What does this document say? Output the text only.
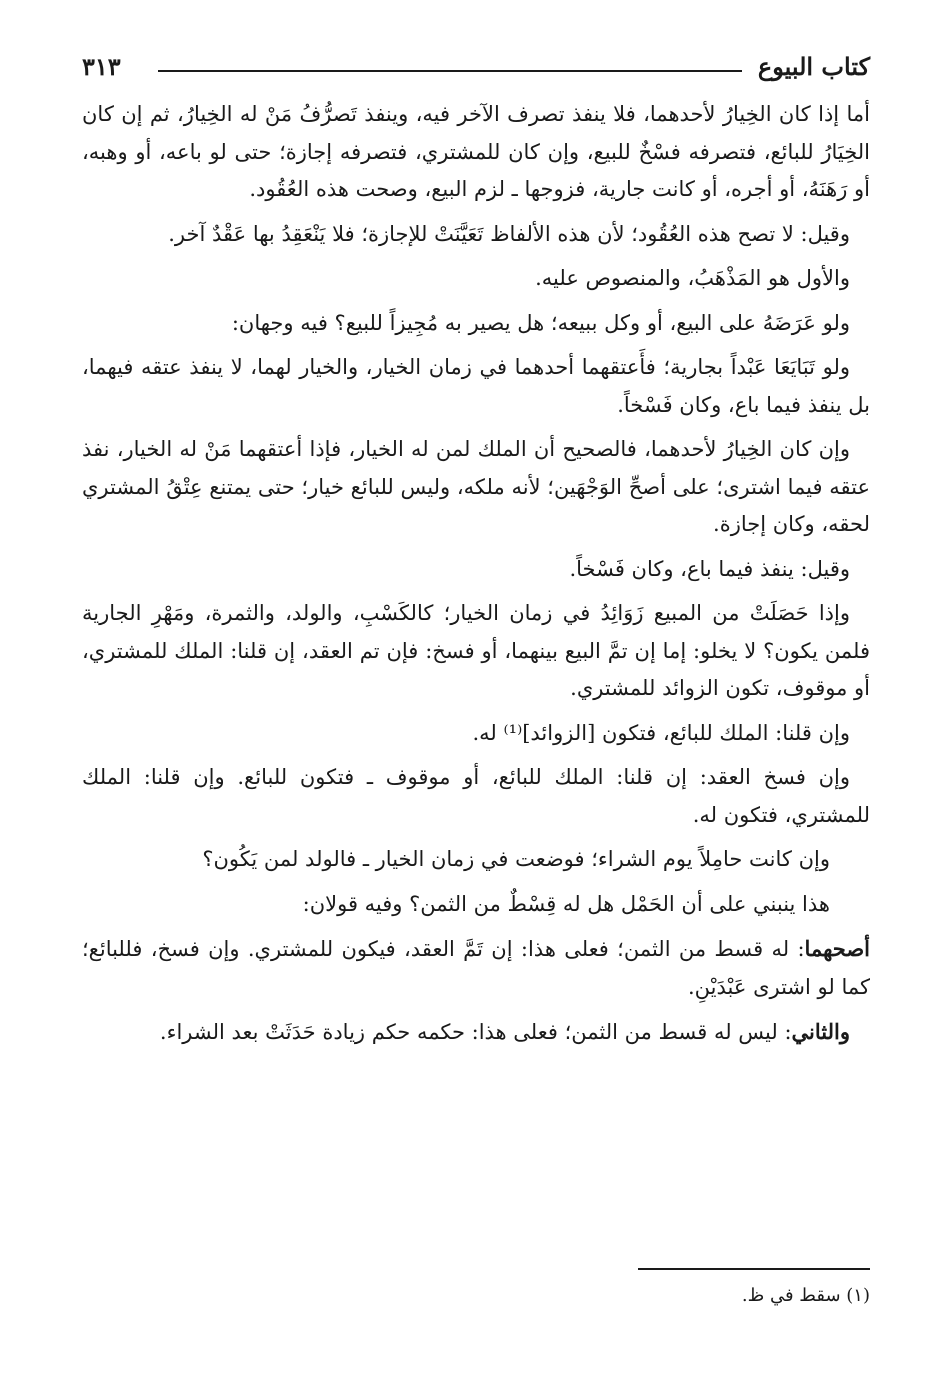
كتاب البيوع
٣١٣

أما إذا كان الخِيارُ لأحدهما، فلا ينفذ تصرف الآخر فيه، وينفذ تَصرُّفُ مَنْ له الخِيارُ، ثم إن كان الخِيَارُ للبائع، فتصرفه فسْخٌ للبيع، وإن كان للمشتري، فتصرفه إجازة؛ حتى لو باعه، أو وهبه، أو رَهَنَهُ، أو أجره، أو كانت جارية، فزوجها ـ لزم البيع، وصحت هذه العُقُود.

وقيل: لا تصح هذه العُقُود؛ لأن هذه الألفاظ تَعَيَّنَتْ للإجازة؛ فلا يَنْعَقِدُ بها عَقْدٌ آخر.

والأول هو المَذْهَبُ، والمنصوص عليه.

ولو عَرَضَهُ على البيع، أو وكل ببيعه؛ هل يصير به مُجِيزاً للبيع؟ فيه وجهان:

ولو تَبَايَعَا عَبْداً بجارية؛ فأَعتقهما أحدهما في زمان الخيار، والخيار لهما، لا ينفذ عتقه فيهما، بل ينفذ فيما باع، وكان فَسْخاً.

وإن كان الخِيارُ لأحدهما، فالصحيح أن الملك لمن له الخيار، فإذا أعتقهما مَنْ له الخيار، نفذ عتقه فيما اشترى؛ على أصحِّ الوَجْهَين؛ لأنه ملكه، وليس للبائع خيار؛ حتى يمتنع عِتْقُ المشتري لحقه، وكان إجازة.

وقيل: ينفذ فيما باع، وكان فَسْخاً.

وإذا حَصَلَتْ من المبيع زَوَائِدُ في زمان الخيار؛ كالكَسْبِ، والولد، والثمرة، ومَهْرِ الجارية فلمن يكون؟ لا يخلو: إما إن تمَّ البيع بينهما، أو فسخ: فإن تم العقد، إن قلنا: الملك للمشتري، أو موقوف، تكون الزوائد للمشتري.

وإن قلنا: الملك للبائع، فتكون [الزوائد]⁽¹⁾ له.

وإن فسخ العقد: إن قلنا: الملك للبائع، أو موقوف ـ فتكون للبائع. وإن قلنا: الملك للمشتري، فتكون له.

وإن كانت حامِلاً يوم الشراء؛ فوضعت في زمان الخيار ـ فالولد لمن يَكُون؟

هذا ينبني على أن الحَمْل هل له قِسْطٌ من الثمن؟ وفيه قولان:

أصحهما: له قسط من الثمن؛ فعلى هذا: إن تَمَّ العقد، فيكون للمشتري. وإن فسخ، فللبائع؛ كما لو اشترى عَبْدَيْنِ.

والثاني: ليس له قسط من الثمن؛ فعلى هذا: حكمه حكم زيادة حَدَثَتْ بعد الشراء.

(١) سقط في ظ.
